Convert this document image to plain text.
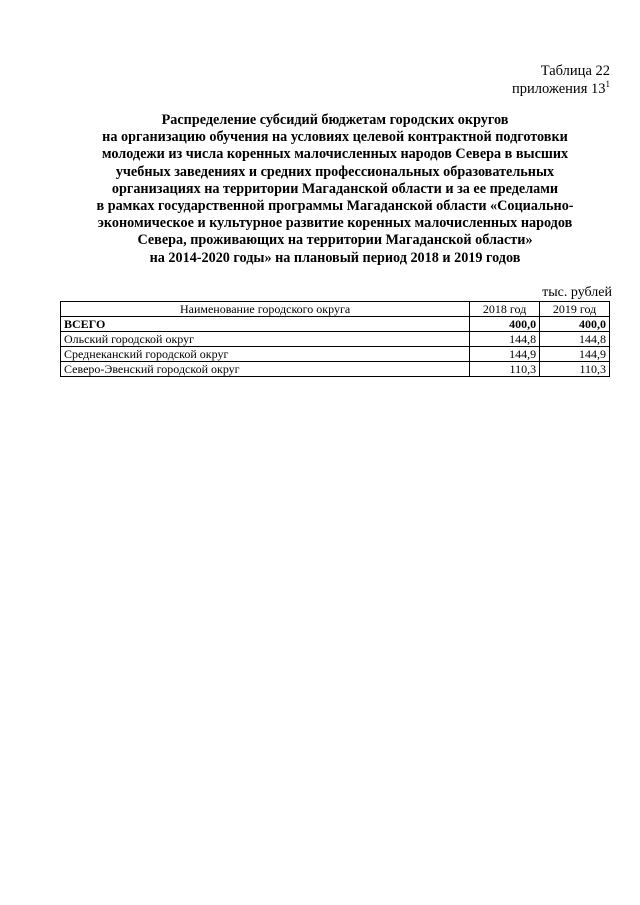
Таблица 22
приложения $13^1$
Распределение субсидий бюджетам городских округов
на организацию обучения на условиях целевой контрактной подготовки
молодежи из числа коренных малочисленных народов Севера в высших
учебных заведениях и средних профессиональных образовательных
организациях на территории Магаданской области и за ее пределами
в рамках государственной программы Магаданской области «Социально-
экономическое и культурное развитие коренных малочисленных народов
Севера, проживающих на территории Магаданской области»
на 2014-2020 годы» на плановый период 2018 и 2019 годов
тыс. рублей
Наименование городского округа	2018 год	2019 год
ВСЕГО	400,0	400,0
Ольский городской округ	144,8	144,8
Среднеканский городской округ	144,9	144,9
Северо-Эвенский городской округ	110,3	110,3
